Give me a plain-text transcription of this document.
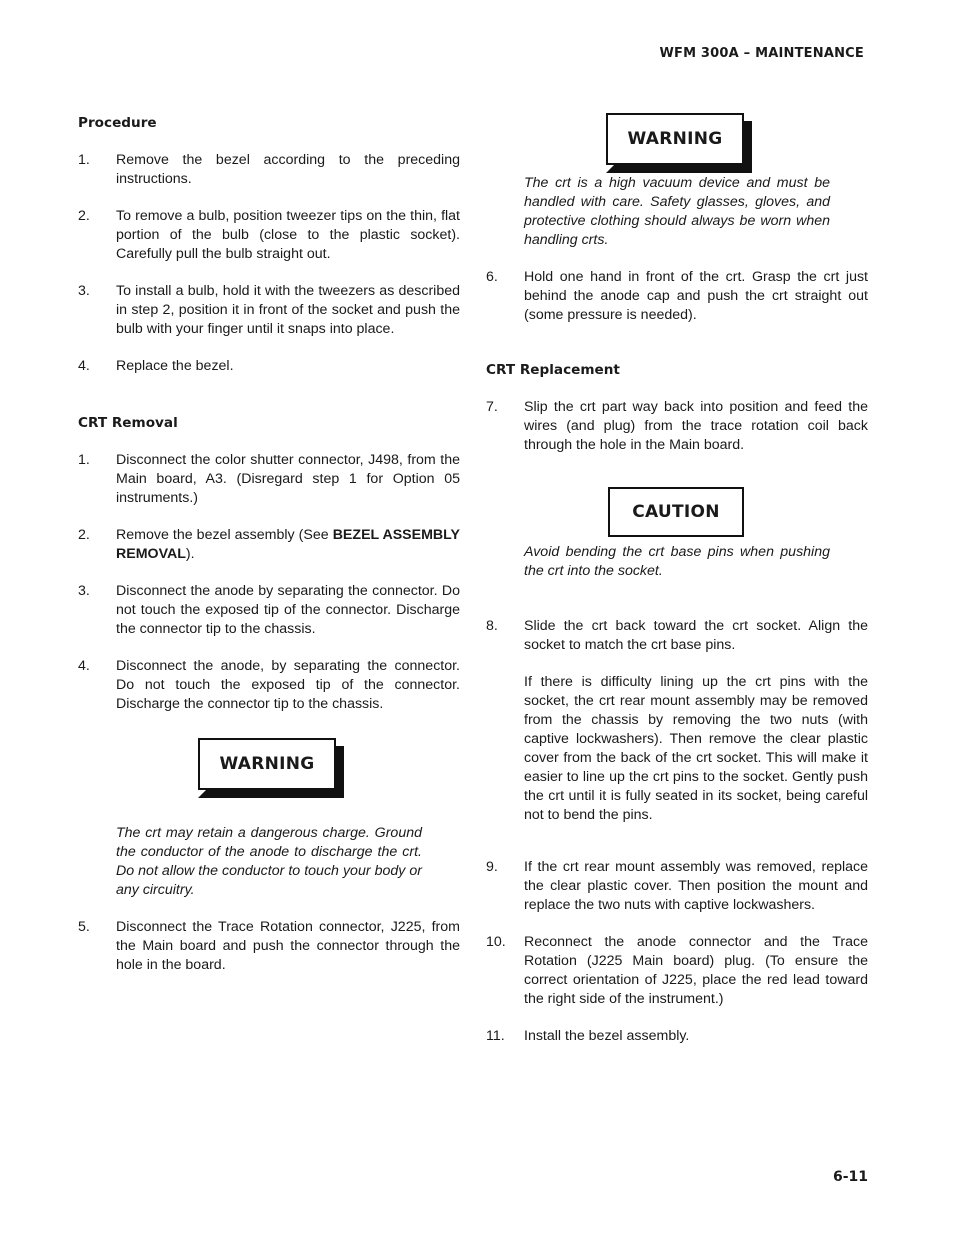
WFM 300A – MAINTENANCE

Procedure

1.	Remove the bezel according to the preceding instructions.
2.	To remove a bulb, position tweezer tips on the thin, flat portion of the bulb (close to the plastic socket). Carefully pull the bulb straight out.
3.	To install a bulb, hold it with the tweezers as described in step 2, position it in front of the socket and push the bulb with your finger until it snaps into place.
4.	Replace the bezel.

CRT Removal

1.	Disconnect the color shutter connector, J498, from the Main board, A3. (Disregard step 1 for Option 05 instruments.)
2.	Remove the bezel assembly (See BEZEL ASSEMBLY REMOVAL).
3.	Disconnect the anode by separating the connector. Do not touch the exposed tip of the connector. Discharge the connector tip to the chassis.
4.	Disconnect the anode, by separating the connector. Do not touch the exposed tip of the connector. Discharge the connector tip to the chassis.
WARNING

The crt may retain a dangerous charge. Ground the conductor of the anode to discharge the crt. Do not allow the conductor to touch your body or any circuitry.

5.	Disconnect the Trace Rotation connector, J225, from the Main board and push the connector through the hole in the board.
WARNING

The crt is a high vacuum device and must be handled with care. Safety glasses, gloves, and protective clothing should always be worn when handling crts.

6.	Hold one hand in front of the crt. Grasp the crt just behind the anode cap and push the crt straight out (some pressure is needed).

CRT Replacement

7.	Slip the crt part way back into position and feed the wires (and plug) from the trace rotation coil back through the hole in the Main board.
CAUTION

Avoid bending the crt base pins when pushing the crt into the socket.

8.	Slide the crt back toward the crt socket. Align the socket to match the crt base pins.

If there is difficulty lining up the crt pins with the socket, the crt rear mount assembly may be removed from the chassis by removing the two nuts (with captive lockwashers). Then remove the clear plastic cover from the back of the crt socket. This will make it easier to line up the crt pins to the socket. Gently push the crt until it is fully seated in its socket, being careful not to bend the pins.

9.	If the crt rear mount assembly was removed, replace the clear plastic cover. Then position the mount and replace the two nuts with captive lockwashers.
10.	Reconnect the anode connector and the Trace Rotation (J225 Main board) plug. (To ensure the correct orientation of J225, place the red lead toward the right side of the instrument.)
11.	Install the bezel assembly.
6-11
